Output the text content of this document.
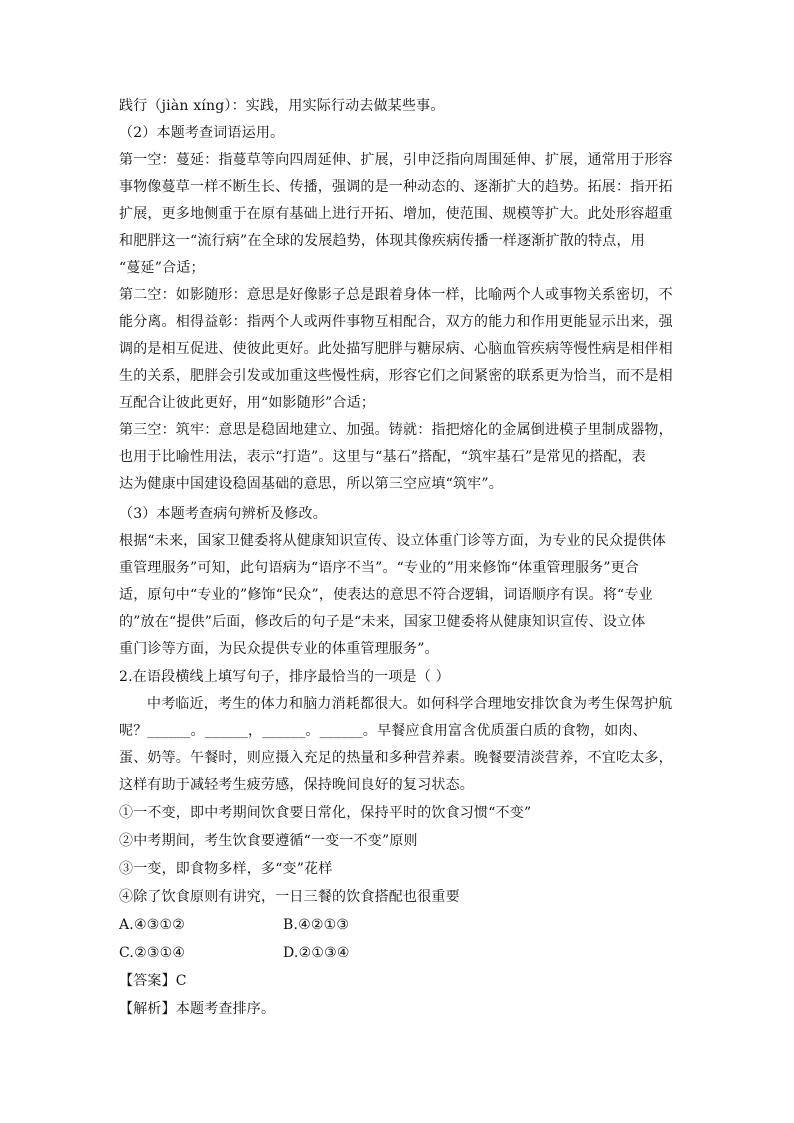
践行（jiàn xíng）：实践，用实际行动去做某些事。
（2）本题考查词语运用。
第一空：蔓延：指蔓草等向四周延伸、扩展，引申泛指向周围延伸、扩展，通常用于形容
事物像蔓草一样不断生长、传播，强调的是一种动态的、逐渐扩大的趋势。拓展：指开拓
扩展，更多地侧重于在原有基础上进行开拓、增加，使范围、规模等扩大。此处形容超重
和肥胖这一“流行病”在全球的发展趋势，体现其像疾病传播一样逐渐扩散的特点，用
“蔓延”合适；
第二空：如影随形：意思是好像影子总是跟着身体一样，比喻两个人或事物关系密切，不
能分离。相得益彰：指两个人或两件事物互相配合，双方的能力和作用更能显示出来，强
调的是相互促进、使彼此更好。此处描写肥胖与糖尿病、心脑血管疾病等慢性病是相伴相
生的关系，肥胖会引发或加重这些慢性病，形容它们之间紧密的联系更为恰当，而不是相
互配合让彼此更好，用“如影随形”合适；
第三空：筑牢：意思是稳固地建立、加强。铸就：指把熔化的金属倒进模子里制成器物，
也用于比喻性用法，表示“打造”。这里与“基石”搭配，“筑牢基石”是常见的搭配，表
达为健康中国建设稳固基础的意思，所以第三空应填“筑牢”。
（3）本题考查病句辨析及修改。
根据“未来，国家卫健委将从健康知识宣传、设立体重门诊等方面，为专业的民众提供体
重管理服务”可知，此句语病为“语序不当”。“专业的”用来修饰“体重管理服务”更合
适，原句中“专业的”修饰“民众”，使表达的意思不符合逻辑，词语顺序有误。将“专业
的”放在“提供”后面，修改后的句子是“未来，国家卫健委将从健康知识宣传、设立体
重门诊等方面，为民众提供专业的体重管理服务”。
2.在语段横线上填写句子，排序最恰当的一项是（ ）
中考临近，考生的体力和脑力消耗都很大。如何科学合理地安排饮食为考生保驾护航
呢？______。______，______。______。早餐应食用富含优质蛋白质的食物，如肉、
蛋、奶等。午餐时，则应摄入充足的热量和多种营养素。晚餐要清淡营养，不宜吃太多，
这样有助于减轻考生疲劳感，保持晚间良好的复习状态。
①一不变，即中考期间饮食要日常化，保持平时的饮食习惯“不变”
②中考期间，考生饮食要遵循“一变一不变”原则
③一变，即食物多样，多“变”花样
④除了饮食原则有讲究，一日三餐的饮食搭配也很重要
A.④③①②	B.④②①③
C.②③①④	D.②①③④
【答案】C
【解析】本题考查排序。
